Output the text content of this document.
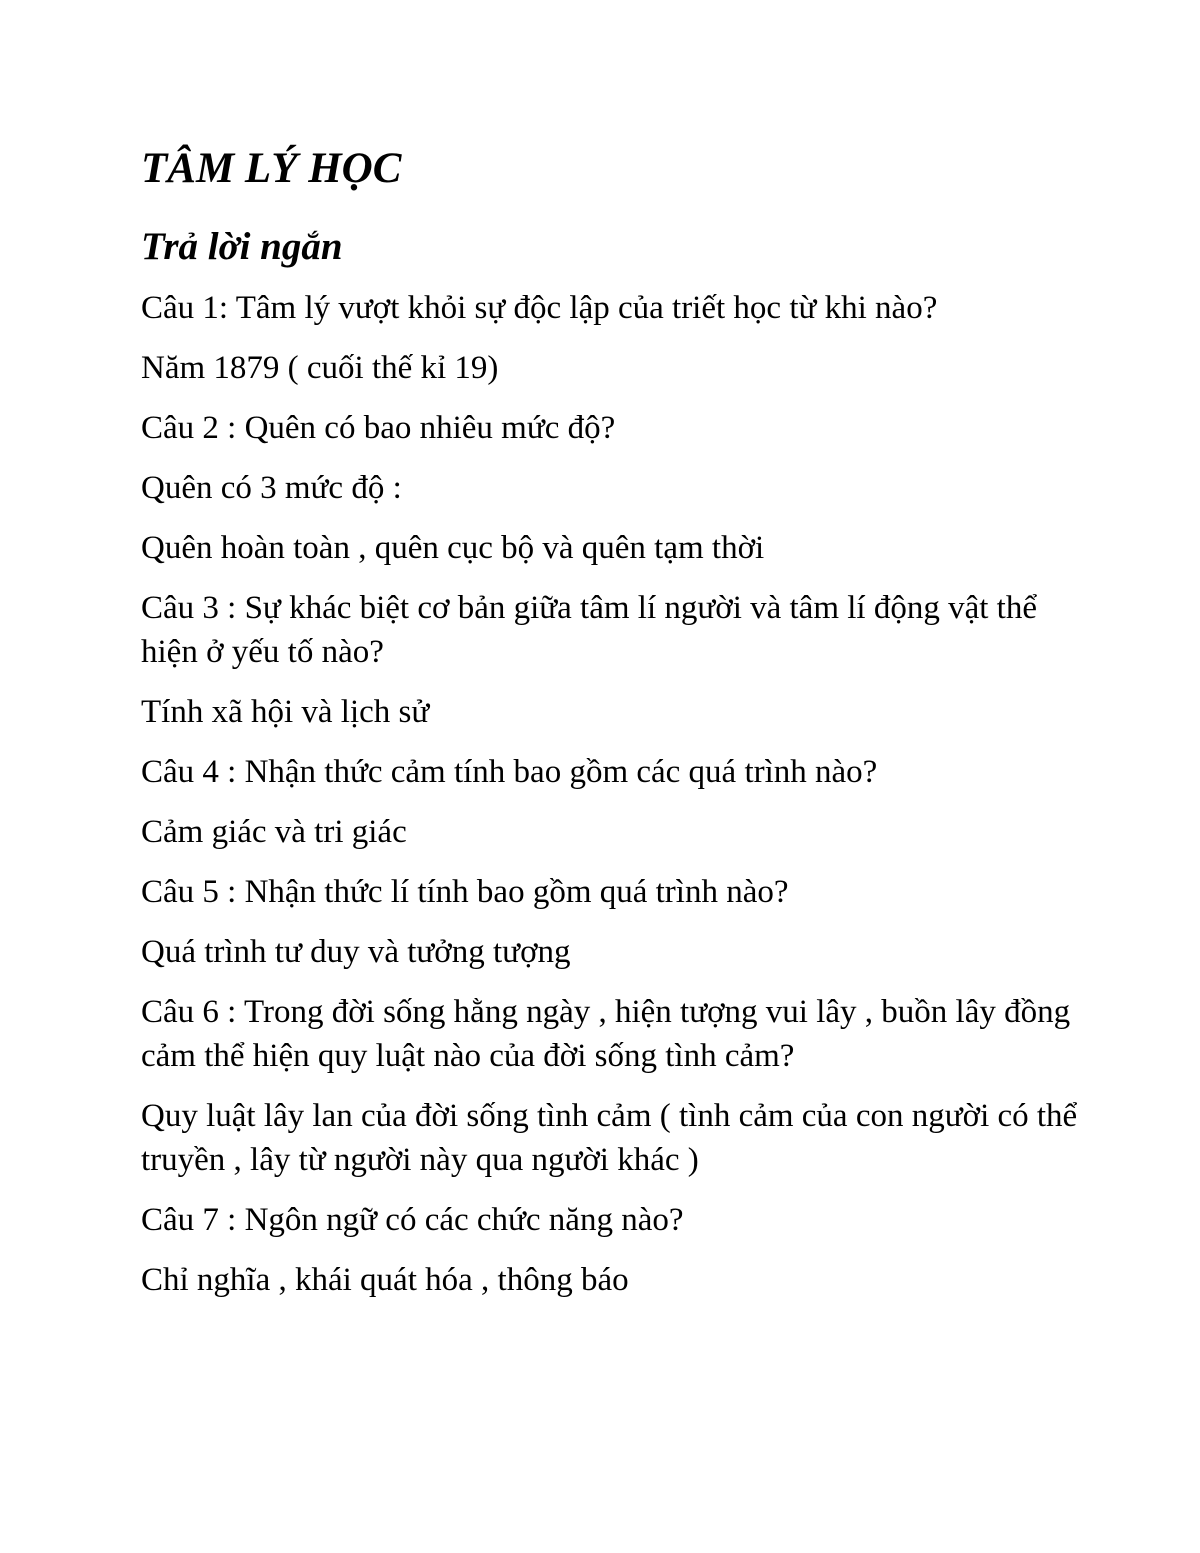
TÂM LÝ HỌC
Trả lời ngắn

Câu 1: Tâm lý vượt khỏi sự độc lập của triết học từ khi nào?

Năm 1879 ( cuối thế kỉ 19)

Câu 2 : Quên có bao nhiêu mức độ?

Quên có 3 mức độ :

Quên hoàn toàn , quên cục bộ và quên tạm thời

Câu 3 : Sự khác biệt cơ bản giữa tâm lí người và tâm lí động vật thể hiện ở yếu tố nào?

Tính xã hội và lịch sử

Câu 4 : Nhận thức cảm tính bao gồm các quá trình nào?

Cảm giác và tri giác

Câu 5 : Nhận thức lí tính bao gồm quá trình nào?

Quá trình tư duy và tưởng tượng

Câu 6 : Trong đời sống hằng ngày , hiện tượng vui lây , buồn lây đồng cảm thể hiện quy luật nào của đời sống tình cảm?

Quy luật lây lan của đời sống tình cảm ( tình cảm của con người có thể truyền , lây từ người này qua người khác )

Câu 7 : Ngôn ngữ có các chức năng nào?

Chỉ nghĩa , khái quát hóa , thông báo
